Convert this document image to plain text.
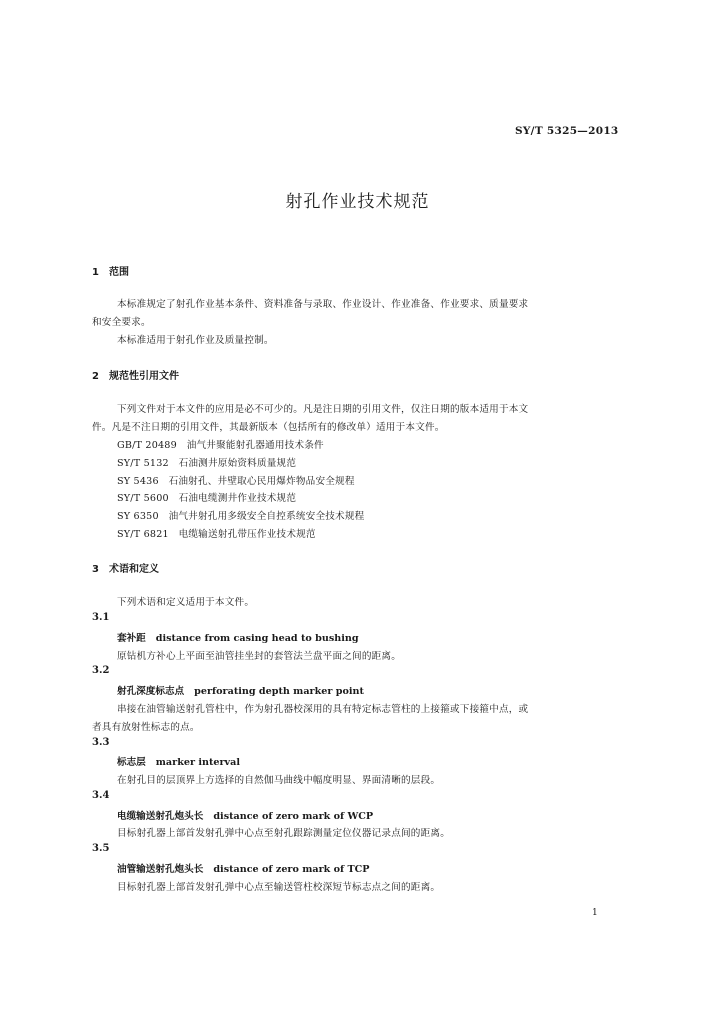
SY/T 5325—2013
射孔作业技术规范
1　范围
本标准规定了射孔作业基本条件、资料准备与录取、作业设计、作业准备、作业要求、质量要求
和安全要求。
本标准适用于射孔作业及质量控制。
2　规范性引用文件
下列文件对于本文件的应用是必不可少的。凡是注日期的引用文件，仅注日期的版本适用于本文
件。凡是不注日期的引用文件，其最新版本（包括所有的修改单）适用于本文件。
GB/T 20489　油气井聚能射孔器通用技术条件
SY/T 5132　石油测井原始资料质量规范
SY 5436　石油射孔、井壁取心民用爆炸物品安全规程
SY/T 5600　石油电缆测井作业技术规范
SY 6350　油气井射孔用多级安全自控系统安全技术规程
SY/T 6821　电缆输送射孔带压作业技术规范
3　术语和定义
下列术语和定义适用于本文件。
3.1
套补距 distance from casing head to bushing
原钻机方补心上平面至油管挂坐封的套管法兰盘平面之间的距离。
3.2
射孔深度标志点 perforating depth marker point
串接在油管输送射孔管柱中，作为射孔器校深用的具有特定标志管柱的上接箍或下接箍中点，或
者具有放射性标志的点。
3.3
标志层 marker interval
在射孔目的层顶界上方选择的自然伽马曲线中幅度明显、界面清晰的层段。
3.4
电缆输送射孔炮头长 distance of zero mark of WCP
目标射孔器上部首发射孔弹中心点至射孔跟踪测量定位仪器记录点间的距离。
3.5
油管输送射孔炮头长 distance of zero mark of TCP
目标射孔器上部首发射孔弹中心点至输送管柱校深短节标志点之间的距离。
1
